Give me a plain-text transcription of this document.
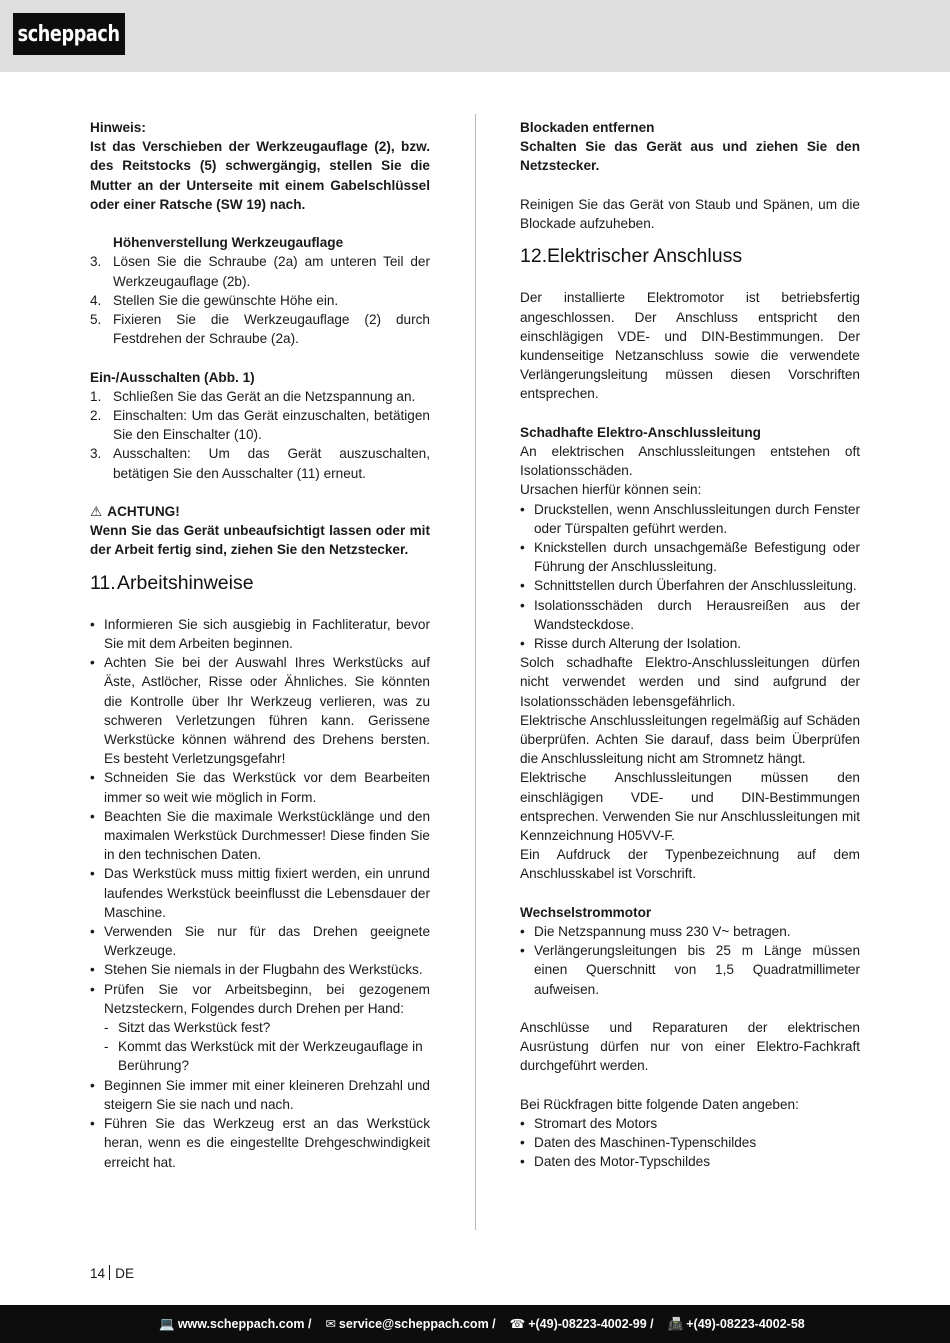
scheppach

Hinweis:

Ist das Verschieben der Werkzeugauflage (2), bzw. des Reitstocks (5) schwergängig, stellen Sie die Mutter an der Unterseite mit einem Gabelschlüssel oder einer Ratsche (SW 19) nach.

Höhenverstellung Werkzeugauflage

3. Lösen Sie die Schraube (2a) am unteren Teil der Werkzeugauflage (2b).
4. Stellen Sie die gewünschte Höhe ein.
5. Fixieren Sie die Werkzeugauflage (2) durch Festdrehen der Schraube (2a).

Ein-/Ausschalten (Abb. 1)

1. Schließen Sie das Gerät an die Netzspannung an.
2. Einschalten: Um das Gerät einzuschalten, betätigen Sie den Einschalter (10).
3. Ausschalten: Um das Gerät auszuschalten, betätigen Sie den Ausschalter (11) erneut.

⚠ ACHTUNG!

Wenn Sie das Gerät unbeaufsichtigt lassen oder mit der Arbeit fertig sind, ziehen Sie den Netzstecker.

11.Arbeitshinweise
• Informieren Sie sich ausgiebig in Fachliteratur, bevor Sie mit dem Arbeiten beginnen.
• Achten Sie bei der Auswahl Ihres Werkstücks auf Äste, Astlöcher, Risse oder Ähnliches. Sie könnten die Kontrolle über Ihr Werkzeug verlieren, was zu schweren Verletzungen führen kann. Gerissene Werkstücke können während des Drehens bersten. Es besteht Verletzungsgefahr!
• Schneiden Sie das Werkstück vor dem Bearbeiten immer so weit wie möglich in Form.
• Beachten Sie die maximale Werkstücklänge und den maximalen Werkstück Durchmesser! Diese finden Sie in den technischen Daten.
• Das Werkstück muss mittig fixiert werden, ein unrund laufendes Werkstück beeinflusst die Lebensdauer der Maschine.
• Verwenden Sie nur für das Drehen geeignete Werkzeuge.
• Stehen Sie niemals in der Flugbahn des Werkstücks.
• Prüfen Sie vor Arbeitsbeginn, bei gezogenem Netzsteckern, Folgendes durch Drehen per Hand:
- Sitzt das Werkstück fest?
- Kommt das Werkstück mit der Werkzeugauflage in Berührung?
• Beginnen Sie immer mit einer kleineren Drehzahl und steigern Sie sie nach und nach.
• Führen Sie das Werkzeug erst an das Werkstück heran, wenn es die eingestellte Drehgeschwindigkeit erreicht hat.

Blockaden entfernen

Schalten Sie das Gerät aus und ziehen Sie den Netzstecker.

Reinigen Sie das Gerät von Staub und Spänen, um die Blockade aufzuheben.

12.Elektrischer Anschluss

Der installierte Elektromotor ist betriebsfertig angeschlossen. Der Anschluss entspricht den einschlägigen VDE- und DIN-Bestimmungen. Der kundenseitige Netzanschluss sowie die verwendete Verlängerungsleitung müssen diesen Vorschriften entsprechen.

Schadhafte Elektro-Anschlussleitung

An elektrischen Anschlussleitungen entstehen oft Isolationsschäden.

Ursachen hierfür können sein:

• Druckstellen, wenn Anschlussleitungen durch Fenster oder Türspalten geführt werden.
• Knickstellen durch unsachgemäße Befestigung oder Führung der Anschlussleitung.
• Schnittstellen durch Überfahren der Anschlussleitung.
• Isolationsschäden durch Herausreißen aus der Wandsteckdose.
• Risse durch Alterung der Isolation.

Solch schadhafte Elektro-Anschlussleitungen dürfen nicht verwendet werden und sind aufgrund der Isolationsschäden lebensgefährlich.

Elektrische Anschlussleitungen regelmäßig auf Schäden überprüfen. Achten Sie darauf, dass beim Überprüfen die Anschlussleitung nicht am Stromnetz hängt.

Elektrische Anschlussleitungen müssen den einschlägigen VDE- und DIN-Bestimmungen entsprechen. Verwenden Sie nur Anschlussleitungen mit Kennzeichnung H05VV-F.

Ein Aufdruck der Typenbezeichnung auf dem Anschlusskabel ist Vorschrift.

Wechselstrommotor

• Die Netzspannung muss 230 V~ betragen.
• Verlängerungsleitungen bis 25 m Länge müssen einen Querschnitt von 1,5 Quadratmillimeter aufweisen.

Anschlüsse und Reparaturen der elektrischen Ausrüstung dürfen nur von einer Elektro-Fachkraft durchgeführt werden.

Bei Rückfragen bitte folgende Daten angeben:

• Stromart des Motors
• Daten des Maschinen-Typenschildes
• Daten des Motor-Typschildes
14 DE
💻 www.scheppach.com / ✉ service@scheppach.com / ☎ +(49)-08223-4002-99 / 📠 +(49)-08223-4002-58
